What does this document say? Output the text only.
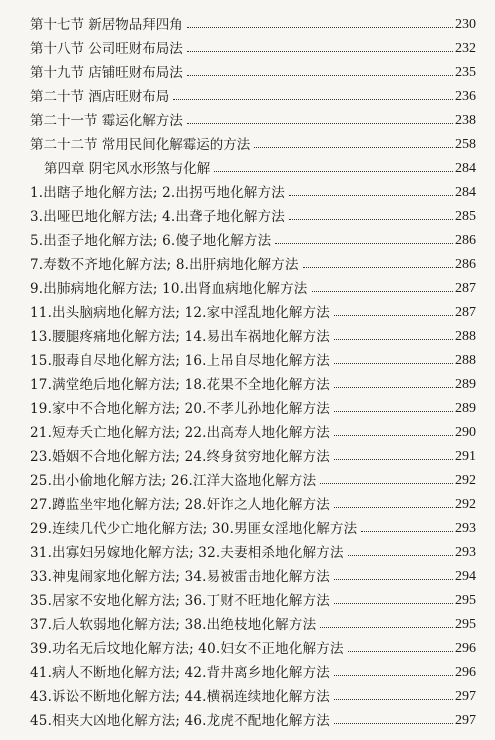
第十七节 新居物品拜四角	230
第十八节 公司旺财布局法	232
第十九节 店铺旺财布局法	235
第二十节 酒店旺财布局	236
第二十一节 霉运化解方法	238
第二十二节 常用民间化解霉运的方法	258
第四章 阴宅风水形煞与化解	284
1.出瞎子地化解方法; 2.出拐丐地化解方法	284
3.出哑巴地化解方法; 4.出聋子地化解方法	285
5.出歪子地化解方法; 6.傻子地化解方法	286
7.寿数不齐地化解方法; 8.出肝病地化解方法	286
9.出肺病地化解方法; 10.出肾血病地化解方法	287
11.出头脑病地化解方法; 12.家中淫乱地化解方法	287
13.腰腿疼痛地化解方法; 14.易出车祸地化解方法	288
15.服毒自尽地化解方法; 16.上吊自尽地化解方法	288
17.满堂绝后地化解方法; 18.花果不全地化解方法	289
19.家中不合地化解方法; 20.不孝儿孙地化解方法	289
21.短寿夭亡地化解方法; 22.出高寿人地化解方法	290
23.婚姻不合地化解方法; 24.终身贫穷地化解方法	291
25.出小偷地化解方法; 26.江洋大盗地化解方法	292
27.蹲监坐牢地化解方法; 28.奸诈之人地化解方法	292
29.连续几代少亡地化解方法; 30.男匪女淫地化解方法	293
31.出寡妇另嫁地化解方法; 32.夫妻相杀地化解方法	293
33.神鬼闹家地化解方法; 34.易被雷击地化解方法	294
35.居家不安地化解方法; 36.丁财不旺地化解方法	295
37.后人软弱地化解方法; 38.出绝枝地化解方法	295
39.功名无后坟地化解方法; 40.妇女不正地化解方法	296
41.病人不断地化解方法; 42.背井离乡地化解方法	296
43.诉讼不断地化解方法; 44.横祸连续地化解方法	297
45.相夹大凶地化解方法; 46.龙虎不配地化解方法	297
